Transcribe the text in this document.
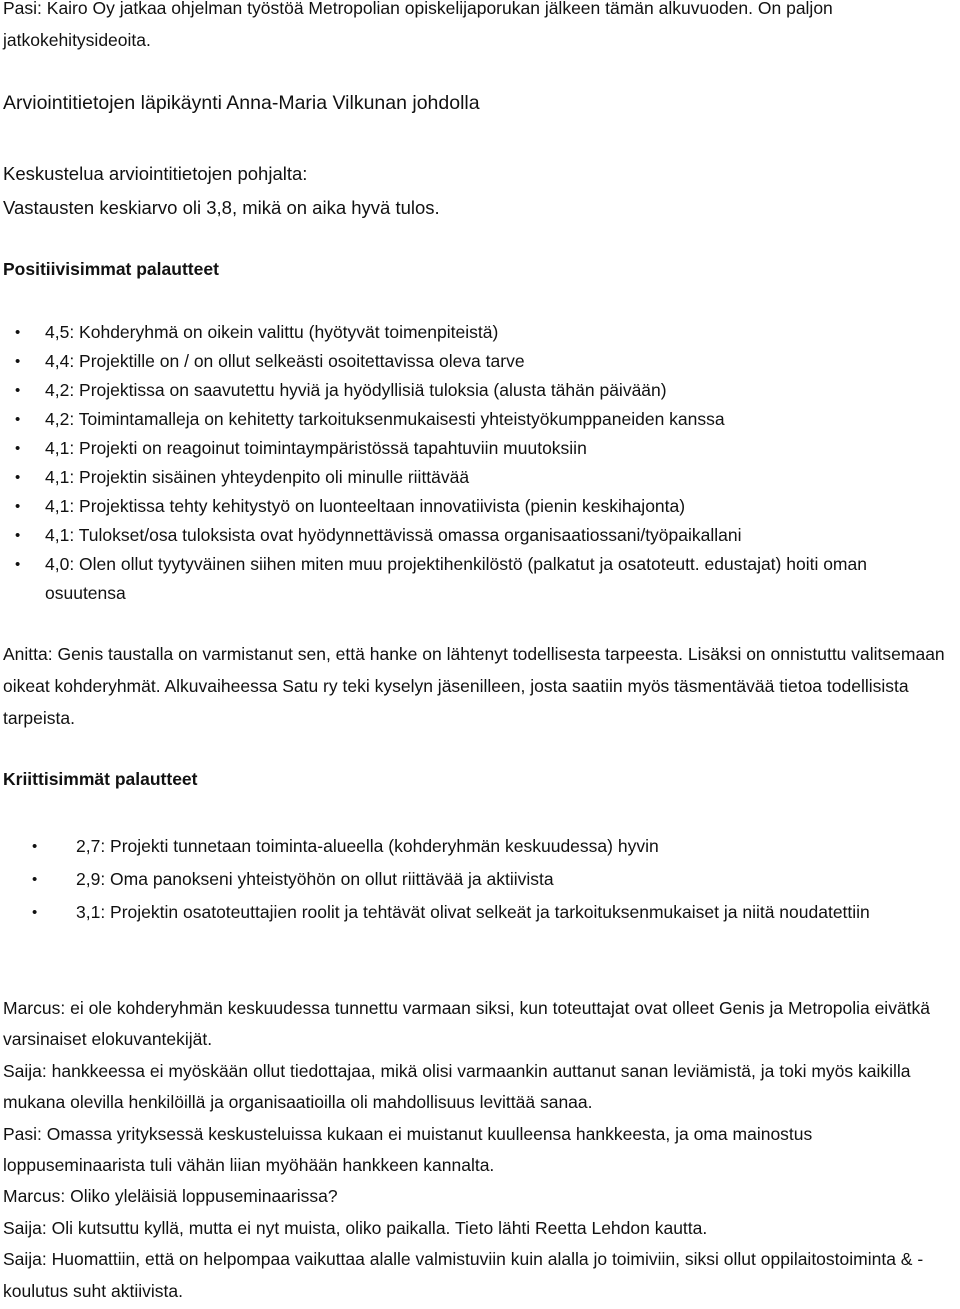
Pasi: Kairo Oy jatkaa ohjelman työstöä Metropolian opiskelijaporukan jälkeen tämän alkuvuoden. On paljon jatkokehitysideoita.

Arviointitietojen läpikäynti Anna-Maria Vilkunan johdolla

Keskustelua arviointitietojen pohjalta:

Vastausten keskiarvo oli 3,8, mikä on aika hyvä tulos.

Positiivisimmat palautteet
• 4,5: Kohderyhmä on oikein valittu (hyötyvät toimenpiteistä)
• 4,4: Projektille on / on ollut selkeästi osoitettavissa oleva tarve
• 4,2: Projektissa on saavutettu hyviä ja hyödyllisiä tuloksia (alusta tähän päivään)
• 4,2: Toimintamalleja on kehitetty tarkoituksenmukaisesti yhteistyökumppaneiden kanssa
• 4,1: Projekti on reagoinut toimintaympäristössä tapahtuviin muutoksiin
• 4,1: Projektin sisäinen yhteydenpito oli minulle riittävää
• 4,1: Projektissa tehty kehitystyö on luonteeltaan innovatiivista (pienin keskihajonta)
• 4,1: Tulokset/osa tuloksista ovat hyödynnettävissä omassa organisaatiossani/työpaikallani
• 4,0: Olen ollut tyytyväinen siihen miten muu projektihenkilöstö (palkatut ja osatoteutt. edustajat) hoiti oman osuutensa

Anitta: Genis taustalla on varmistanut sen, että hanke on lähtenyt todellisesta tarpeesta. Lisäksi on onnistuttu valitsemaan oikeat kohderyhmät. Alkuvaiheessa Satu ry teki kyselyn jäsenilleen, josta saatiin myös täsmentävää tietoa todellisista tarpeista.

Kriittisimmät palautteet
• 2,7: Projekti tunnetaan toiminta-alueella (kohderyhmän keskuudessa) hyvin
• 2,9: Oma panokseni yhteistyöhön on ollut riittävää ja aktiivista
• 3,1: Projektin osatoteuttajien roolit ja tehtävät olivat selkeät ja tarkoituksenmukaiset ja niitä noudatettiin

Marcus: ei ole kohderyhmän keskuudessa tunnettu varmaan siksi, kun toteuttajat ovat olleet Genis ja Metropolia eivätkä varsinaiset elokuvantekijät.

Saija: hankkeessa ei myöskään ollut tiedottajaa, mikä olisi varmaankin auttanut sanan leviämistä, ja toki myös kaikilla mukana olevilla henkilöillä ja organisaatioilla oli mahdollisuus levittää sanaa.

Pasi: Omassa yrityksessä keskusteluissa kukaan ei muistanut kuulleensa hankkeesta, ja oma mainostus loppuseminaarista tuli vähän liian myöhään hankkeen kannalta.

Marcus: Oliko yleläisiä loppuseminaarissa?

Saija: Oli kutsuttu kyllä, mutta ei nyt muista, oliko paikalla. Tieto lähti Reetta Lehdon kautta.

Saija: Huomattiin, että on helpompaa vaikuttaa alalle valmistuviin kuin alalla jo toimiviin, siksi ollut oppilaitostoiminta & -koulutus suht aktiivista.
